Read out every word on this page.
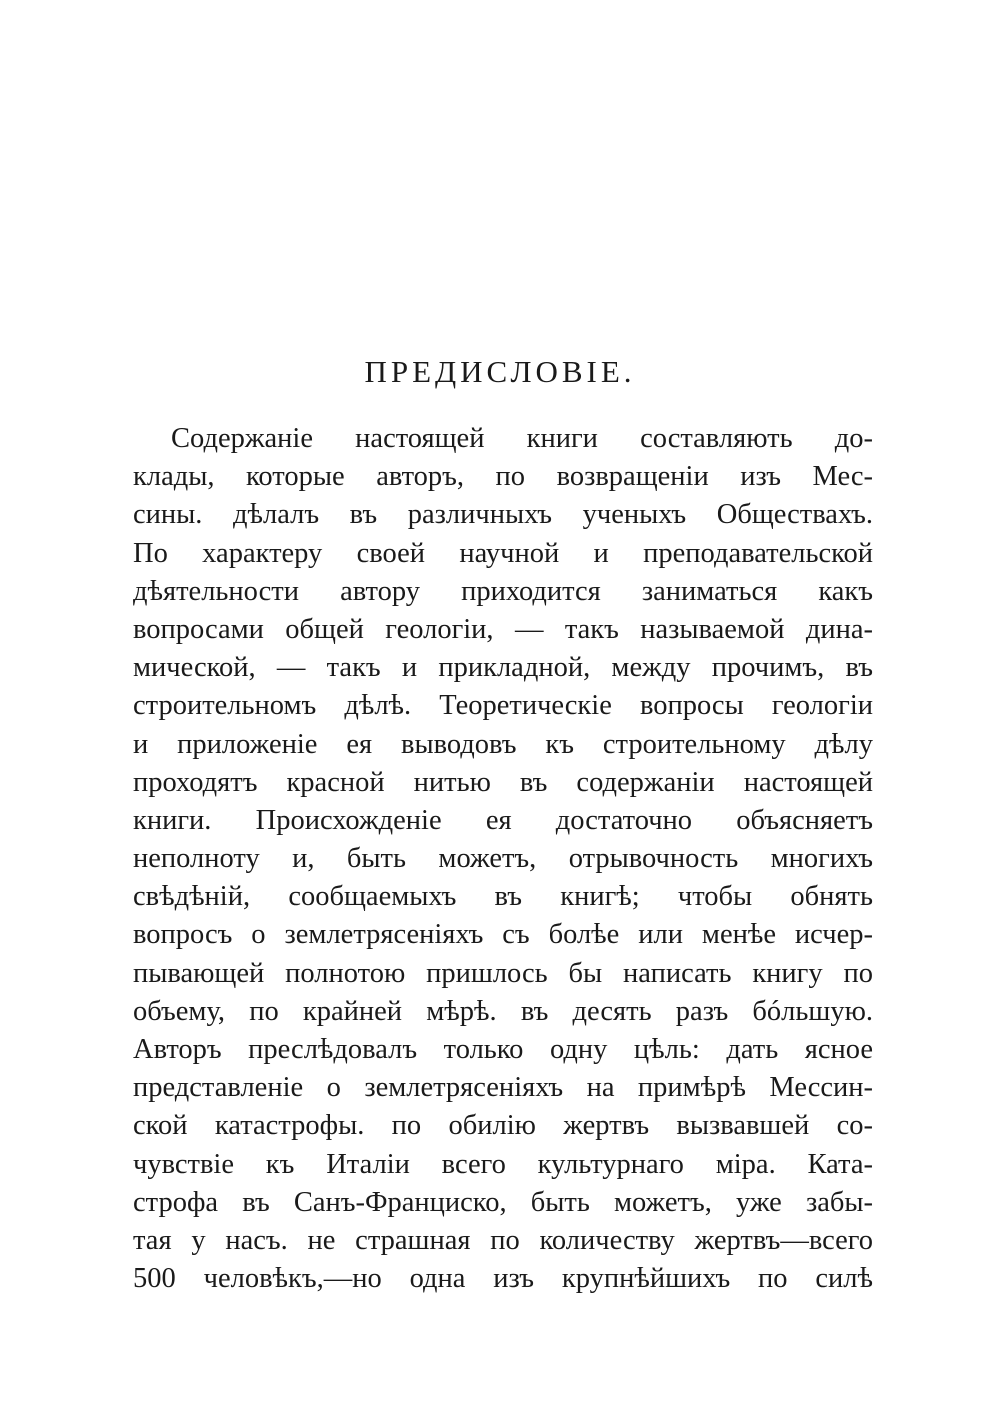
ПРЕДИСЛОВІЕ.
Содержаніе настоящей книги составляють до-
клады, которые авторъ, по возвращеніи изъ Мес-
сины. дѣлалъ въ различныхъ ученыхъ Обществахъ.
По характеру своей научной и преподавательской
дѣятельности автору приходится заниматься какъ
вопросами общей геологіи, — такъ называемой дина-
мической, — такъ и прикладной, между прочимъ, въ
строительномъ дѣлѣ. Теоретическіе вопросы геологіи
и приложеніе ея выводовъ къ строительному дѣлу
проходятъ красной нитью въ содержаніи настоящей
книги. Происхожденіе ея достаточно объясняетъ
неполноту и, быть можетъ, отрывочность многихъ
свѣдѣній, сообщаемыхъ въ книгѣ; чтобы обнять
вопросъ о землетрясеніяхъ съ болѣе или менѣе исчер-
пывающей полнотою пришлось бы написать книгу по
объему, по крайней мѣрѣ. въ десять разъ бóльшую.
Авторъ преслѣдовалъ только одну цѣль: дать ясное
представленіе о землетрясеніяхъ на примѣрѣ Мессин-
ской катастрофы. по обилію жертвъ вызвавшей со-
чувствіе къ Италіи всего культурнаго міра. Ката-
строфа въ Санъ-Франциско, быть можетъ, уже забы-
тая у насъ. не страшная по количеству жертвъ—всего
500 человѣкъ,—но одна изъ крупнѣйшихъ по силѣ
